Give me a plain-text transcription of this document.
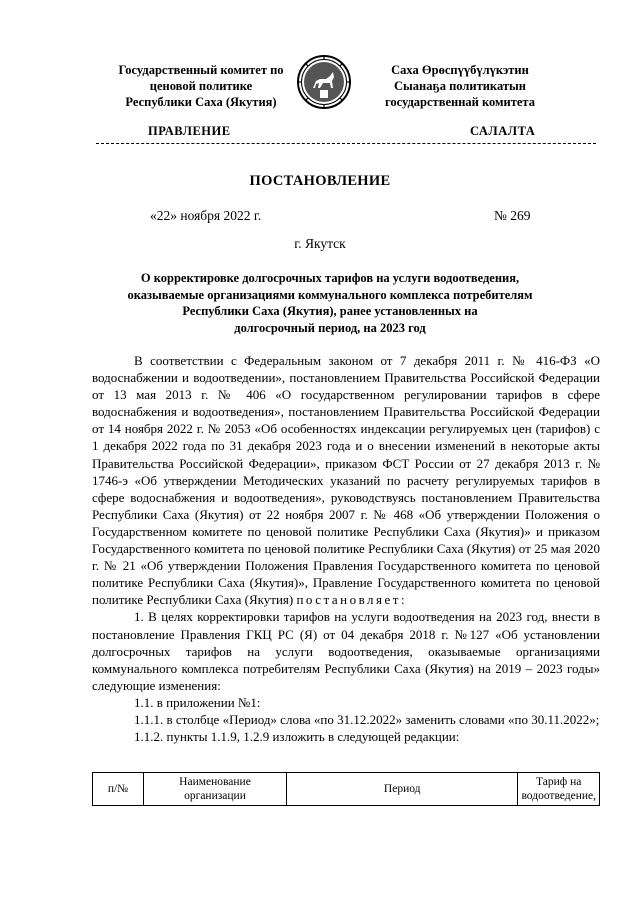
Государственный комитет по
ценовой политике
Республики Саха (Якутия)
Саха Өрөспүүбүлүкэтин
Сыанаҕа политикатын
государственнай комитета
ПРАВЛЕНИЕ	САЛАЛТА
ПОСТАНОВЛЕНИЕ
«22» ноября 2022 г.	№ 269
г. Якутск
О корректировке долгосрочных тарифов на услуги водоотведения,
оказываемые организациями коммунального комплекса потребителям
Республики Саха (Якутия), ранее установленных на
долгосрочный период, на 2023 год

В соответствии с Федеральным законом от 7 декабря 2011 г. № 416-ФЗ «О водоснабжении и водоотведении», постановлением Правительства Российской Федерации от 13 мая 2013 г. № 406 «О государственном регулировании тарифов в сфере водоснабжения и водоотведения», постановлением Правительства Российской Федерации от 14 ноября 2022 г. № 2053 «Об особенностях индексации регулируемых цен (тарифов) с 1 декабря 2022 года по 31 декабря 2023 года и о внесении изменений в некоторые акты Правительства Российской Федерации», приказом ФСТ России от 27 декабря 2013 г. № 1746-э «Об утверждении Методических указаний по расчету регулируемых тарифов в сфере водоснабжения и водоотведения», руководствуясь постановлением Правительства Республики Саха (Якутия) от 22 ноября 2007 г. № 468 «Об утверждении Положения о Государственном комитете по ценовой политике Республики Саха (Якутия)» и приказом Государственного комитета по ценовой политике Республики Саха (Якутия) от 25 мая 2020 г. № 21 «Об утверждении Положения Правления Государственного комитета по ценовой политике Республики Саха (Якутия)», Правление Государственного комитета по ценовой политике Республики Саха (Якутия) постановляет:

1. В целях корректировки тарифов на услуги водоотведения на 2023 год, внести в постановление Правления ГКЦ РС (Я) от 04 декабря 2018 г. №127 «Об установлении долгосрочных тарифов на услуги водоотведения, оказываемые организациями коммунального комплекса потребителям Республики Саха (Якутия) на 2019 – 2023 годы» следующие изменения:

1.1. в приложении №1:

1.1.1. в столбце «Период» слова «по 31.12.2022» заменить словами «по 30.11.2022»;

1.1.2. пункты 1.1.9, 1.2.9 изложить в следующей редакции:

п/№	Наименование организации	Период	Тариф на водоотведение,
